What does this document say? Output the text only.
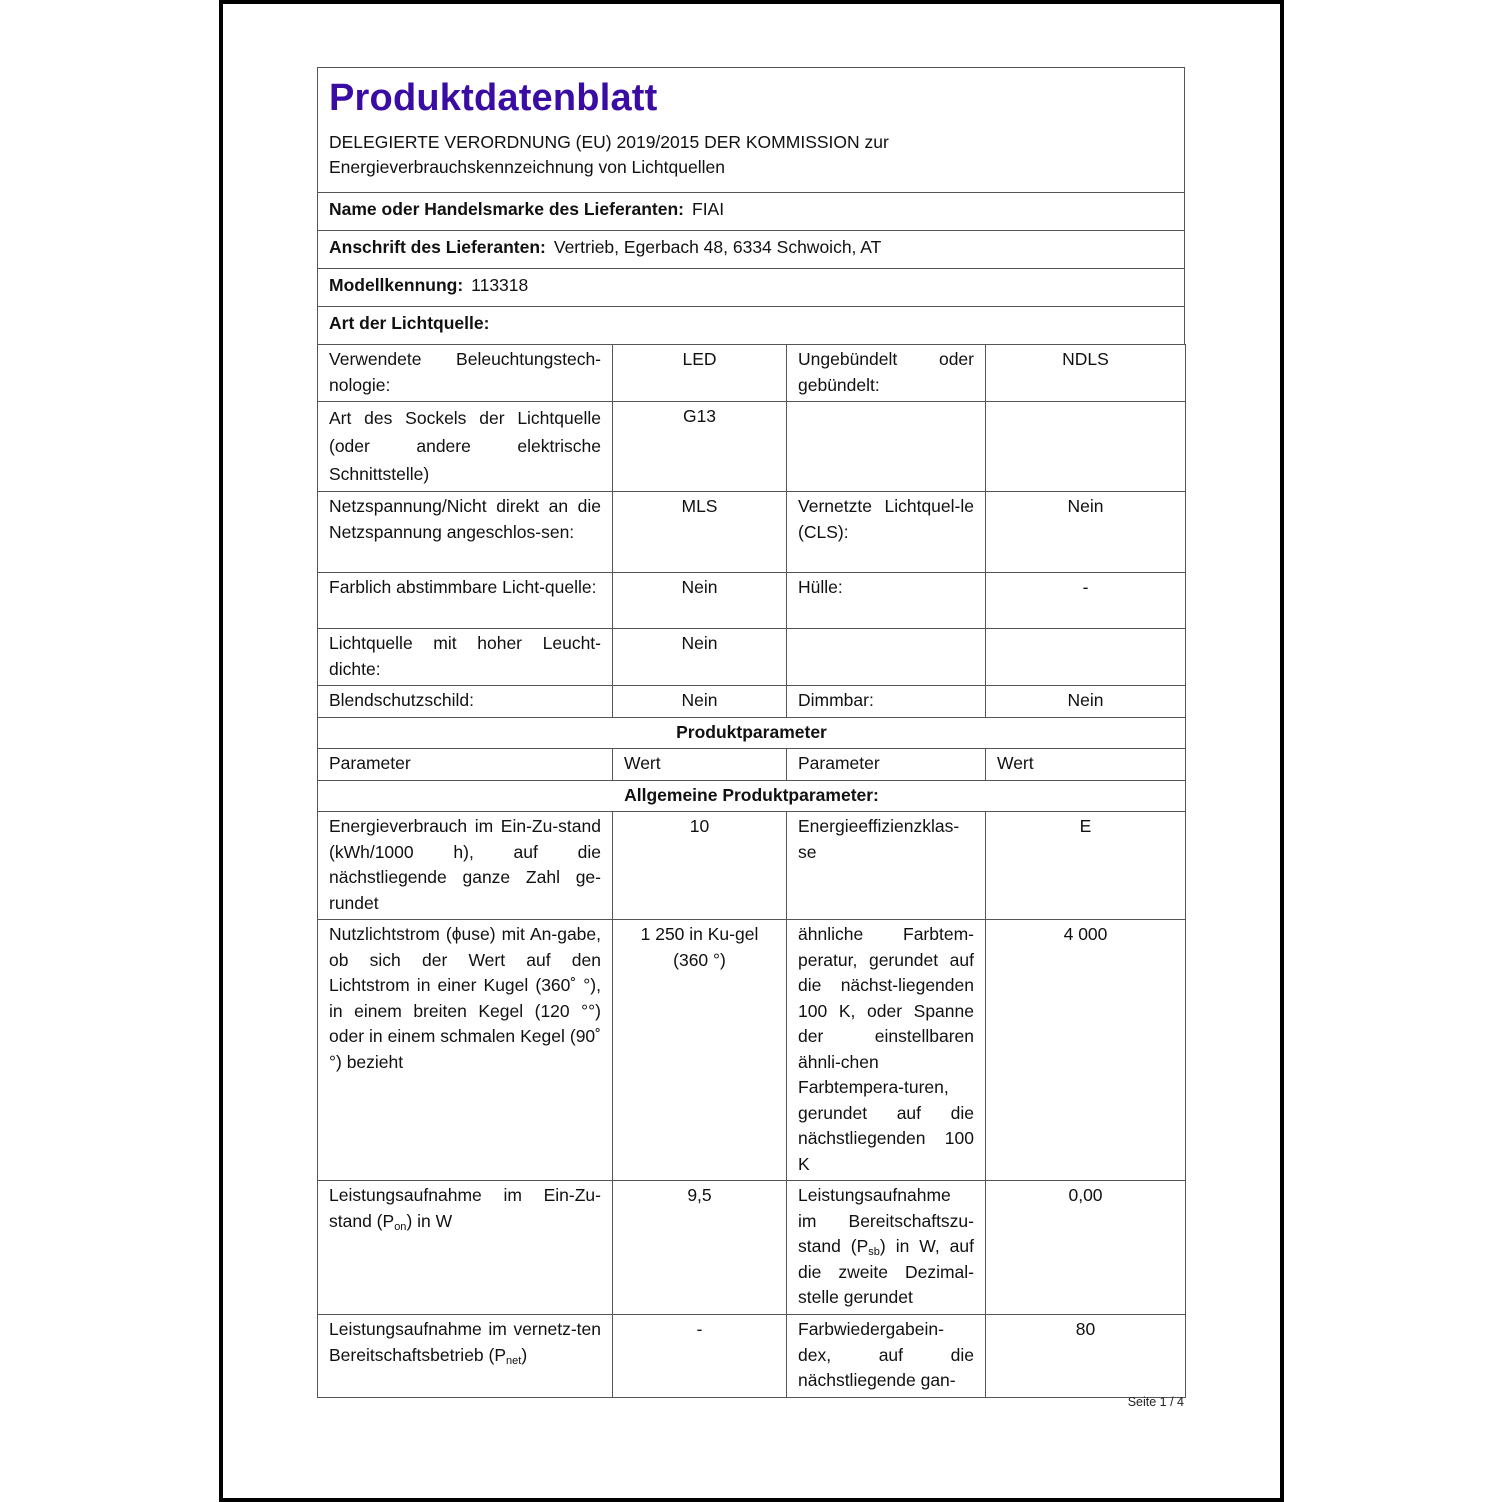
Produktdatenblatt
DELEGIERTE VERORDNUNG (EU) 2019/2015 DER KOMMISSION zur
Energieverbrauchskennzeichnung von Lichtquellen
Name oder Handelsmarke des Lieferanten: FIAI
Anschrift des Lieferanten: Vertrieb, Egerbach 48, 6334 Schwoich, AT
Modellkennung: 113318
Art der Lichtquelle:
Verwendete Beleuchtungstech-nologie:	LED	Ungebündelt oder gebündelt:	NDLS
Art des Sockels der Lichtquelle (oder andere elektrische Schnittstelle)	G13		
Netzspannung/Nicht direkt an die Netzspannung angeschlos-sen:	MLS	Vernetzte Lichtquel-le (CLS):	Nein
Farblich abstimmbare Licht-quelle:	Nein	Hülle:	-
Lichtquelle mit hoher Leucht-dichte:	Nein		
Blendschutzschild:	Nein	Dimmbar:	Nein
Produktparameter			
Parameter	Wert	Parameter	Wert
Allgemeine Produktparameter:			
Energieverbrauch im Ein-Zu-stand (kWh/1000 h), auf die nächstliegende ganze Zahl ge-rundet	10	Energieeffizienzklas-se	E
Nutzlichtstrom (ϕuse) mit An-gabe, ob sich der Wert auf den Lichtstrom in einer Kugel (360˚ °), in einem breiten Kegel (120 °°) oder in einem schmalen Kegel (90˚ °) bezieht	1 250 in Ku-gel (360 °)	ähnliche Farbtem-peratur, gerundet auf die nächst-liegenden 100 K, oder Spanne der einstellbaren ähnli-chen Farbtempera-turen, gerundet auf die nächstliegenden 100 K	4 000
Leistungsaufnahme im Ein-Zu-stand $(P_{on})$ in W	9,5	Leistungsaufnahme im Bereitschaftszu-stand $(P_{sb})$ in W, auf die zweite Dezimal-stelle gerundet	0,00
Leistungsaufnahme im vernetz-ten Bereitschaftsbetrieb $(P_{net})$	-	Farbwiedergabein-dex, auf die nächstliegende gan-	80
Seite 1 / 4
